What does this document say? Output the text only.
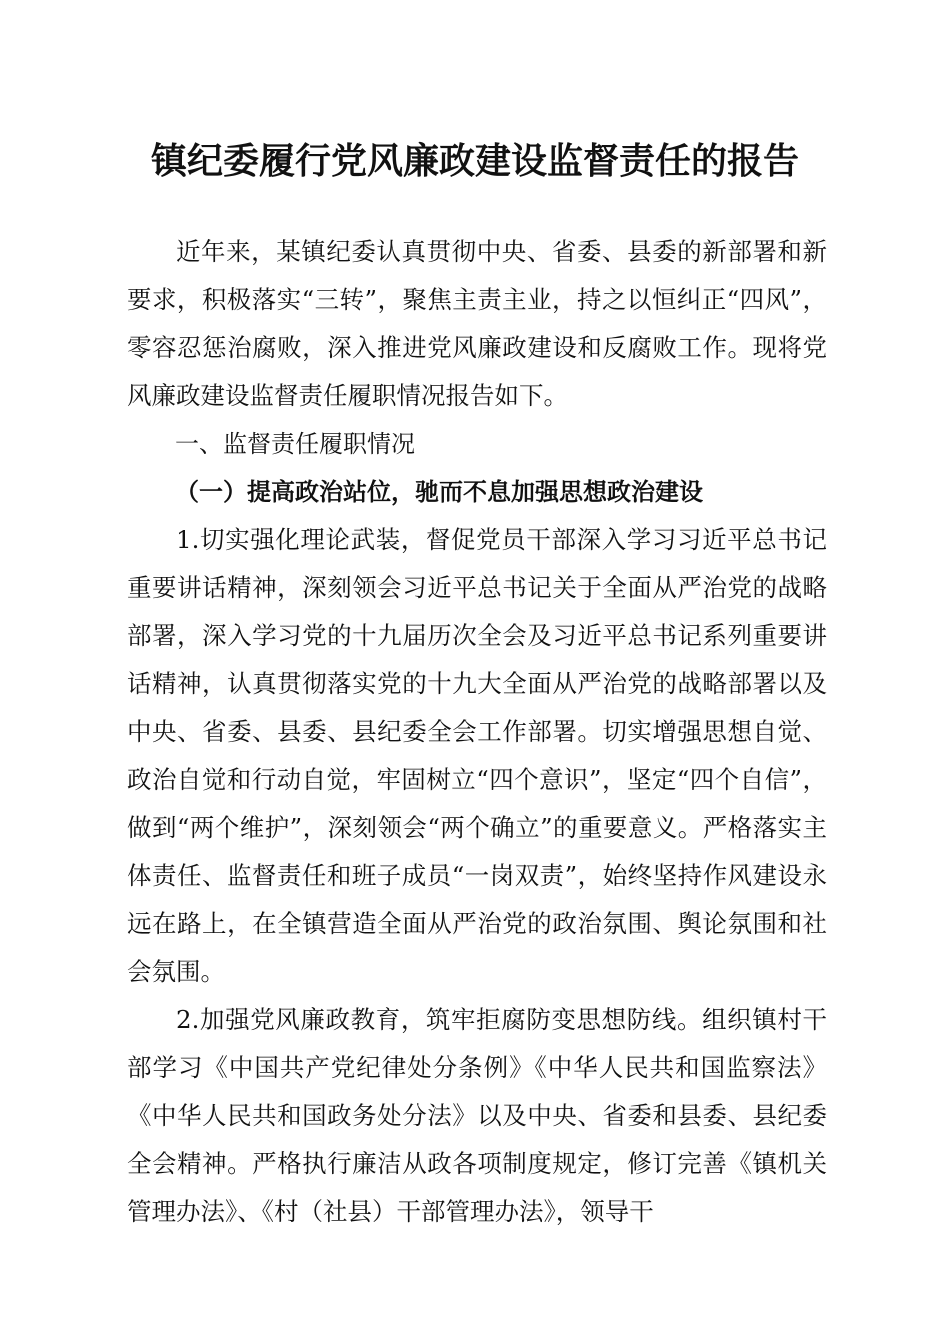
镇纪委履行党风廉政建设监督责任的报告

近年来，某镇纪委认真贯彻中央、省委、县委的新部署和新要求，积极落实“三转”，聚焦主责主业，持之以恒纠正“四风”，零容忍惩治腐败，深入推进党风廉政建设和反腐败工作。现将党风廉政建设监督责任履职情况报告如下。

一、监督责任履职情况

（一）提高政治站位，驰而不息加强思想政治建设

1.切实强化理论武装，督促党员干部深入学习习近平总书记重要讲话精神，深刻领会习近平总书记关于全面从严治党的战略部署，深入学习党的十九届历次全会及习近平总书记系列重要讲话精神，认真贯彻落实党的十九大全面从严治党的战略部署以及中央、省委、县委、县纪委全会工作部署。切实增强思想自觉、政治自觉和行动自觉，牢固树立“四个意识”，坚定“四个自信”，做到“两个维护”，深刻领会“两个确立”的重要意义。严格落实主体责任、监督责任和班子成员“一岗双责”，始终坚持作风建设永远在路上，在全镇营造全面从严治党的政治氛围、舆论氛围和社会氛围。

2.加强党风廉政教育，筑牢拒腐防变思想防线。组织镇村干部学习《中国共产党纪律处分条例》《中华人民共和国监察法》《中华人民共和国政务处分法》以及中央、省委和县委、县纪委全会精神。严格执行廉洁从政各项制度规定，修订完善《镇机关管理办法》、《村（社县）干部管理办法》，领导干
